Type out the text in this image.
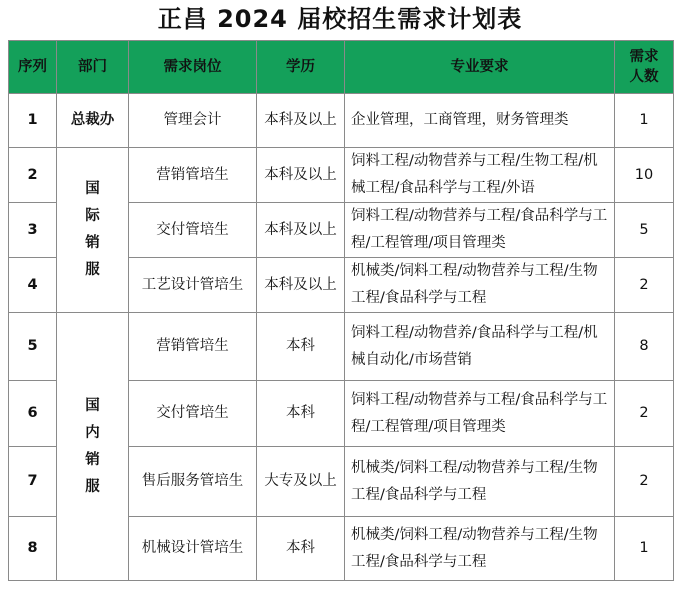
正昌 2024 届校招生需求计划表
序列	部门	需求岗位	学历	专业要求	需求
人数
1	总裁办	管理会计	本科及以上	企业管理，工商管理，财务管理类	1
2	国际销服	营销管培生	本科及以上	饲料工程/动物营养与工程/生物工程/机械工程/食品科学与工程/外语	10
3		交付管培生	本科及以上	饲料工程/动物营养与工程/食品科学与工程/工程管理/项目管理类	5
4		工艺设计管培生	本科及以上	机械类/饲料工程/动物营养与工程/生物工程/食品科学与工程	2
5	国内销服	营销管培生	本科	饲料工程/动物营养/食品科学与工程/机械自动化/市场营销	8
6		交付管培生	本科	饲料工程/动物营养与工程/食品科学与工程/工程管理/项目管理类	2
7		售后服务管培生	大专及以上	机械类/饲料工程/动物营养与工程/生物工程/食品科学与工程	2
8		机械设计管培生	本科	机械类/饲料工程/动物营养与工程/生物工程/食品科学与工程	1
